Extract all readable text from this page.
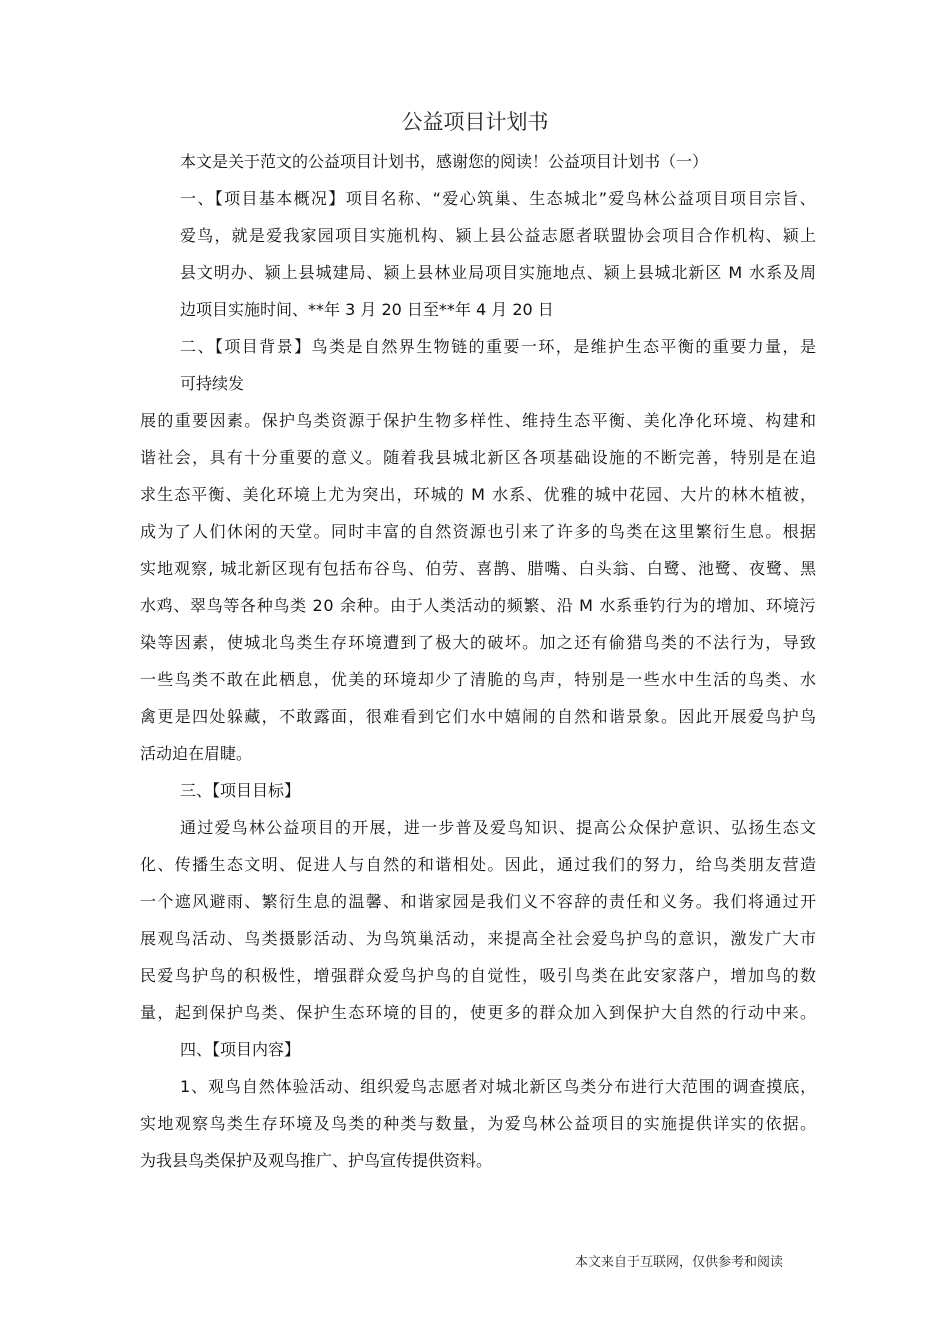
公益项目计划书
本文是关于范文的公益项目计划书，感谢您的阅读！公益项目计划书（一）
一、【项目基本概况】项目名称、“爱心筑巢、生态城北”爱鸟林公益项目项目宗旨、
爱鸟，就是爱我家园项目实施机构、颍上县公益志愿者联盟协会项目合作机构、颍上
县文明办、颍上县城建局、颍上县林业局项目实施地点、颍上县城北新区 M 水系及周
边项目实施时间、**年 3 月 20 日至**年 4 月 20 日
二、【项目背景】鸟类是自然界生物链的重要一环，是维护生态平衡的重要力量，是
可持续发
展的重要因素。保护鸟类资源于保护生物多样性、维持生态平衡、美化净化环境、构建和
谐社会，具有十分重要的意义。随着我县城北新区各项基础设施的不断完善，特别是在追
求生态平衡、美化环境上尤为突出，环城的 M 水系、优雅的城中花园、大片的林木植被，
成为了人们休闲的天堂。同时丰富的自然资源也引来了许多的鸟类在这里繁衍生息。根据
实地观察, 城北新区现有包括布谷鸟、伯劳、喜鹊、腊嘴、白头翁、白鹭、池鹭、夜鹭、黑
水鸡、翠鸟等各种鸟类 20 余种。由于人类活动的频繁、沿 M 水系垂钓行为的增加、环境污
染等因素，使城北鸟类生存环境遭到了极大的破坏。加之还有偷猎鸟类的不法行为，导致
一些鸟类不敢在此栖息，优美的环境却少了清脆的鸟声，特别是一些水中生活的鸟类、水
禽更是四处躲藏，不敢露面，很难看到它们水中嬉闹的自然和谐景象。因此开展爱鸟护鸟
活动迫在眉睫。
三、【项目目标】
通过爱鸟林公益项目的开展，进一步普及爱鸟知识、提高公众保护意识、弘扬生态文
化、传播生态文明、促进人与自然的和谐相处。因此，通过我们的努力，给鸟类朋友营造
一个遮风避雨、繁衍生息的温馨、和谐家园是我们义不容辞的责任和义务。我们将通过开
展观鸟活动、鸟类摄影活动、为鸟筑巢活动，来提高全社会爱鸟护鸟的意识，激发广大市
民爱鸟护鸟的积极性，增强群众爱鸟护鸟的自觉性，吸引鸟类在此安家落户，增加鸟的数
量，起到保护鸟类、保护生态环境的目的，使更多的群众加入到保护大自然的行动中来。
四、【项目内容】
1、观鸟自然体验活动、组织爱鸟志愿者对城北新区鸟类分布进行大范围的调查摸底，
实地观察鸟类生存环境及鸟类的种类与数量，为爱鸟林公益项目的实施提供详实的依据。
为我县鸟类保护及观鸟推广、护鸟宣传提供资料。
本文来自于互联网，仅供参考和阅读
